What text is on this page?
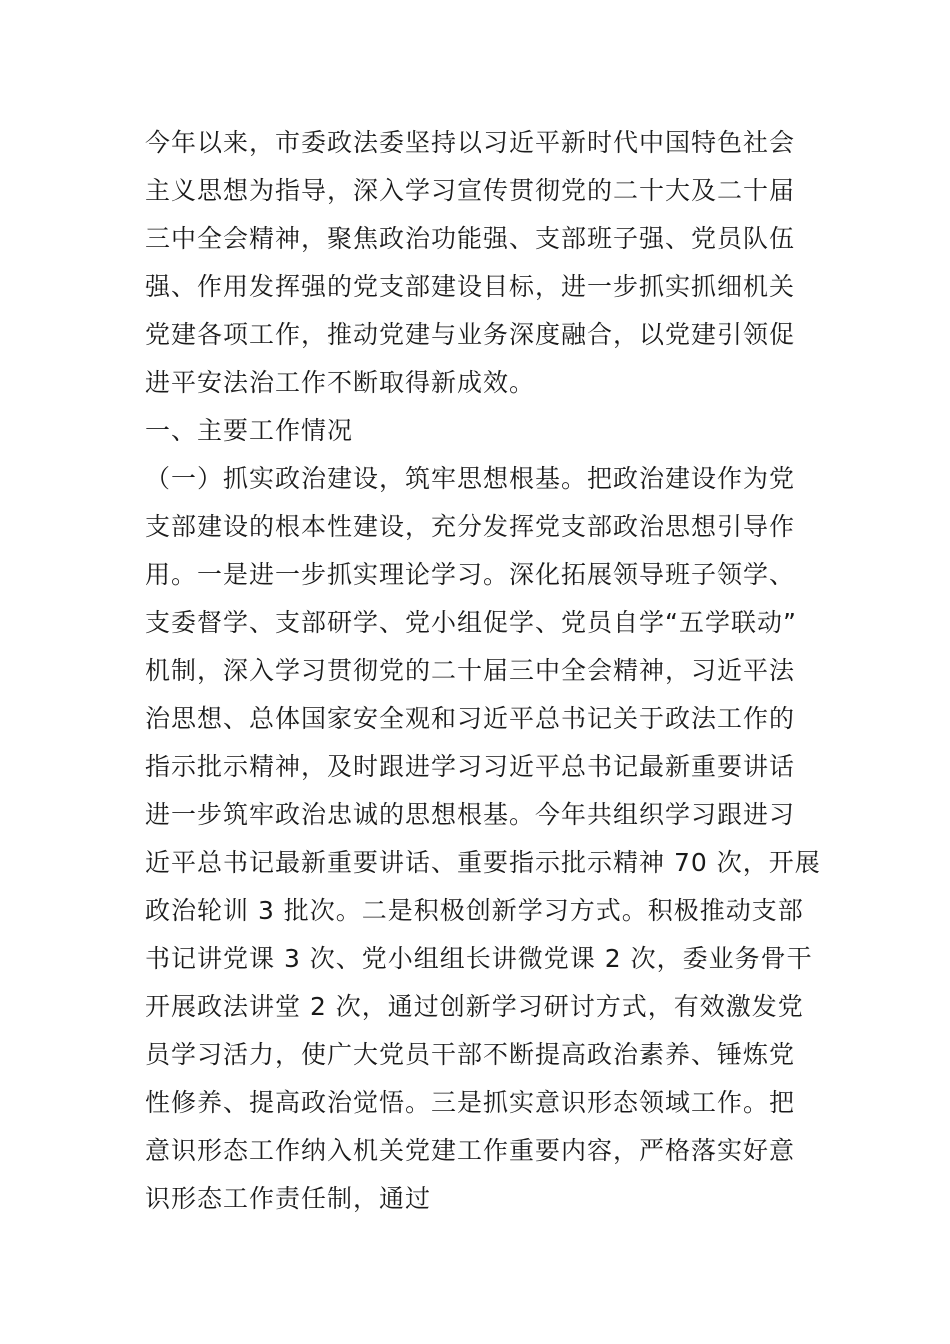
今年以来，市委政法委坚持以习近平新时代中国特色社会
主义思想为指导，深入学习宣传贯彻党的二十大及二十届
三中全会精神，聚焦政治功能强、支部班子强、党员队伍
强、作用发挥强的党支部建设目标，进一步抓实抓细机关
党建各项工作，推动党建与业务深度融合，以党建引领促
进平安法治工作不断取得新成效。
一、主要工作情况
（一）抓实政治建设，筑牢思想根基。把政治建设作为党
支部建设的根本性建设，充分发挥党支部政治思想引导作
用。一是进一步抓实理论学习。深化拓展领导班子领学、
支委督学、支部研学、党小组促学、党员自学“五学联动”
机制，深入学习贯彻党的二十届三中全会精神，习近平法
治思想、总体国家安全观和习近平总书记关于政法工作的
指示批示精神，及时跟进学习习近平总书记最新重要讲话
进一步筑牢政治忠诚的思想根基。今年共组织学习跟进习
近平总书记最新重要讲话、重要指示批示精神 70 次，开展
政治轮训 3 批次。二是积极创新学习方式。积极推动支部
书记讲党课 3 次、党小组组长讲微党课 2 次，委业务骨干
开展政法讲堂 2 次，通过创新学习研讨方式，有效激发党
员学习活力，使广大党员干部不断提高政治素养、锤炼党
性修养、提高政治觉悟。三是抓实意识形态领域工作。把
意识形态工作纳入机关党建工作重要内容，严格落实好意
识形态工作责任制，通过
